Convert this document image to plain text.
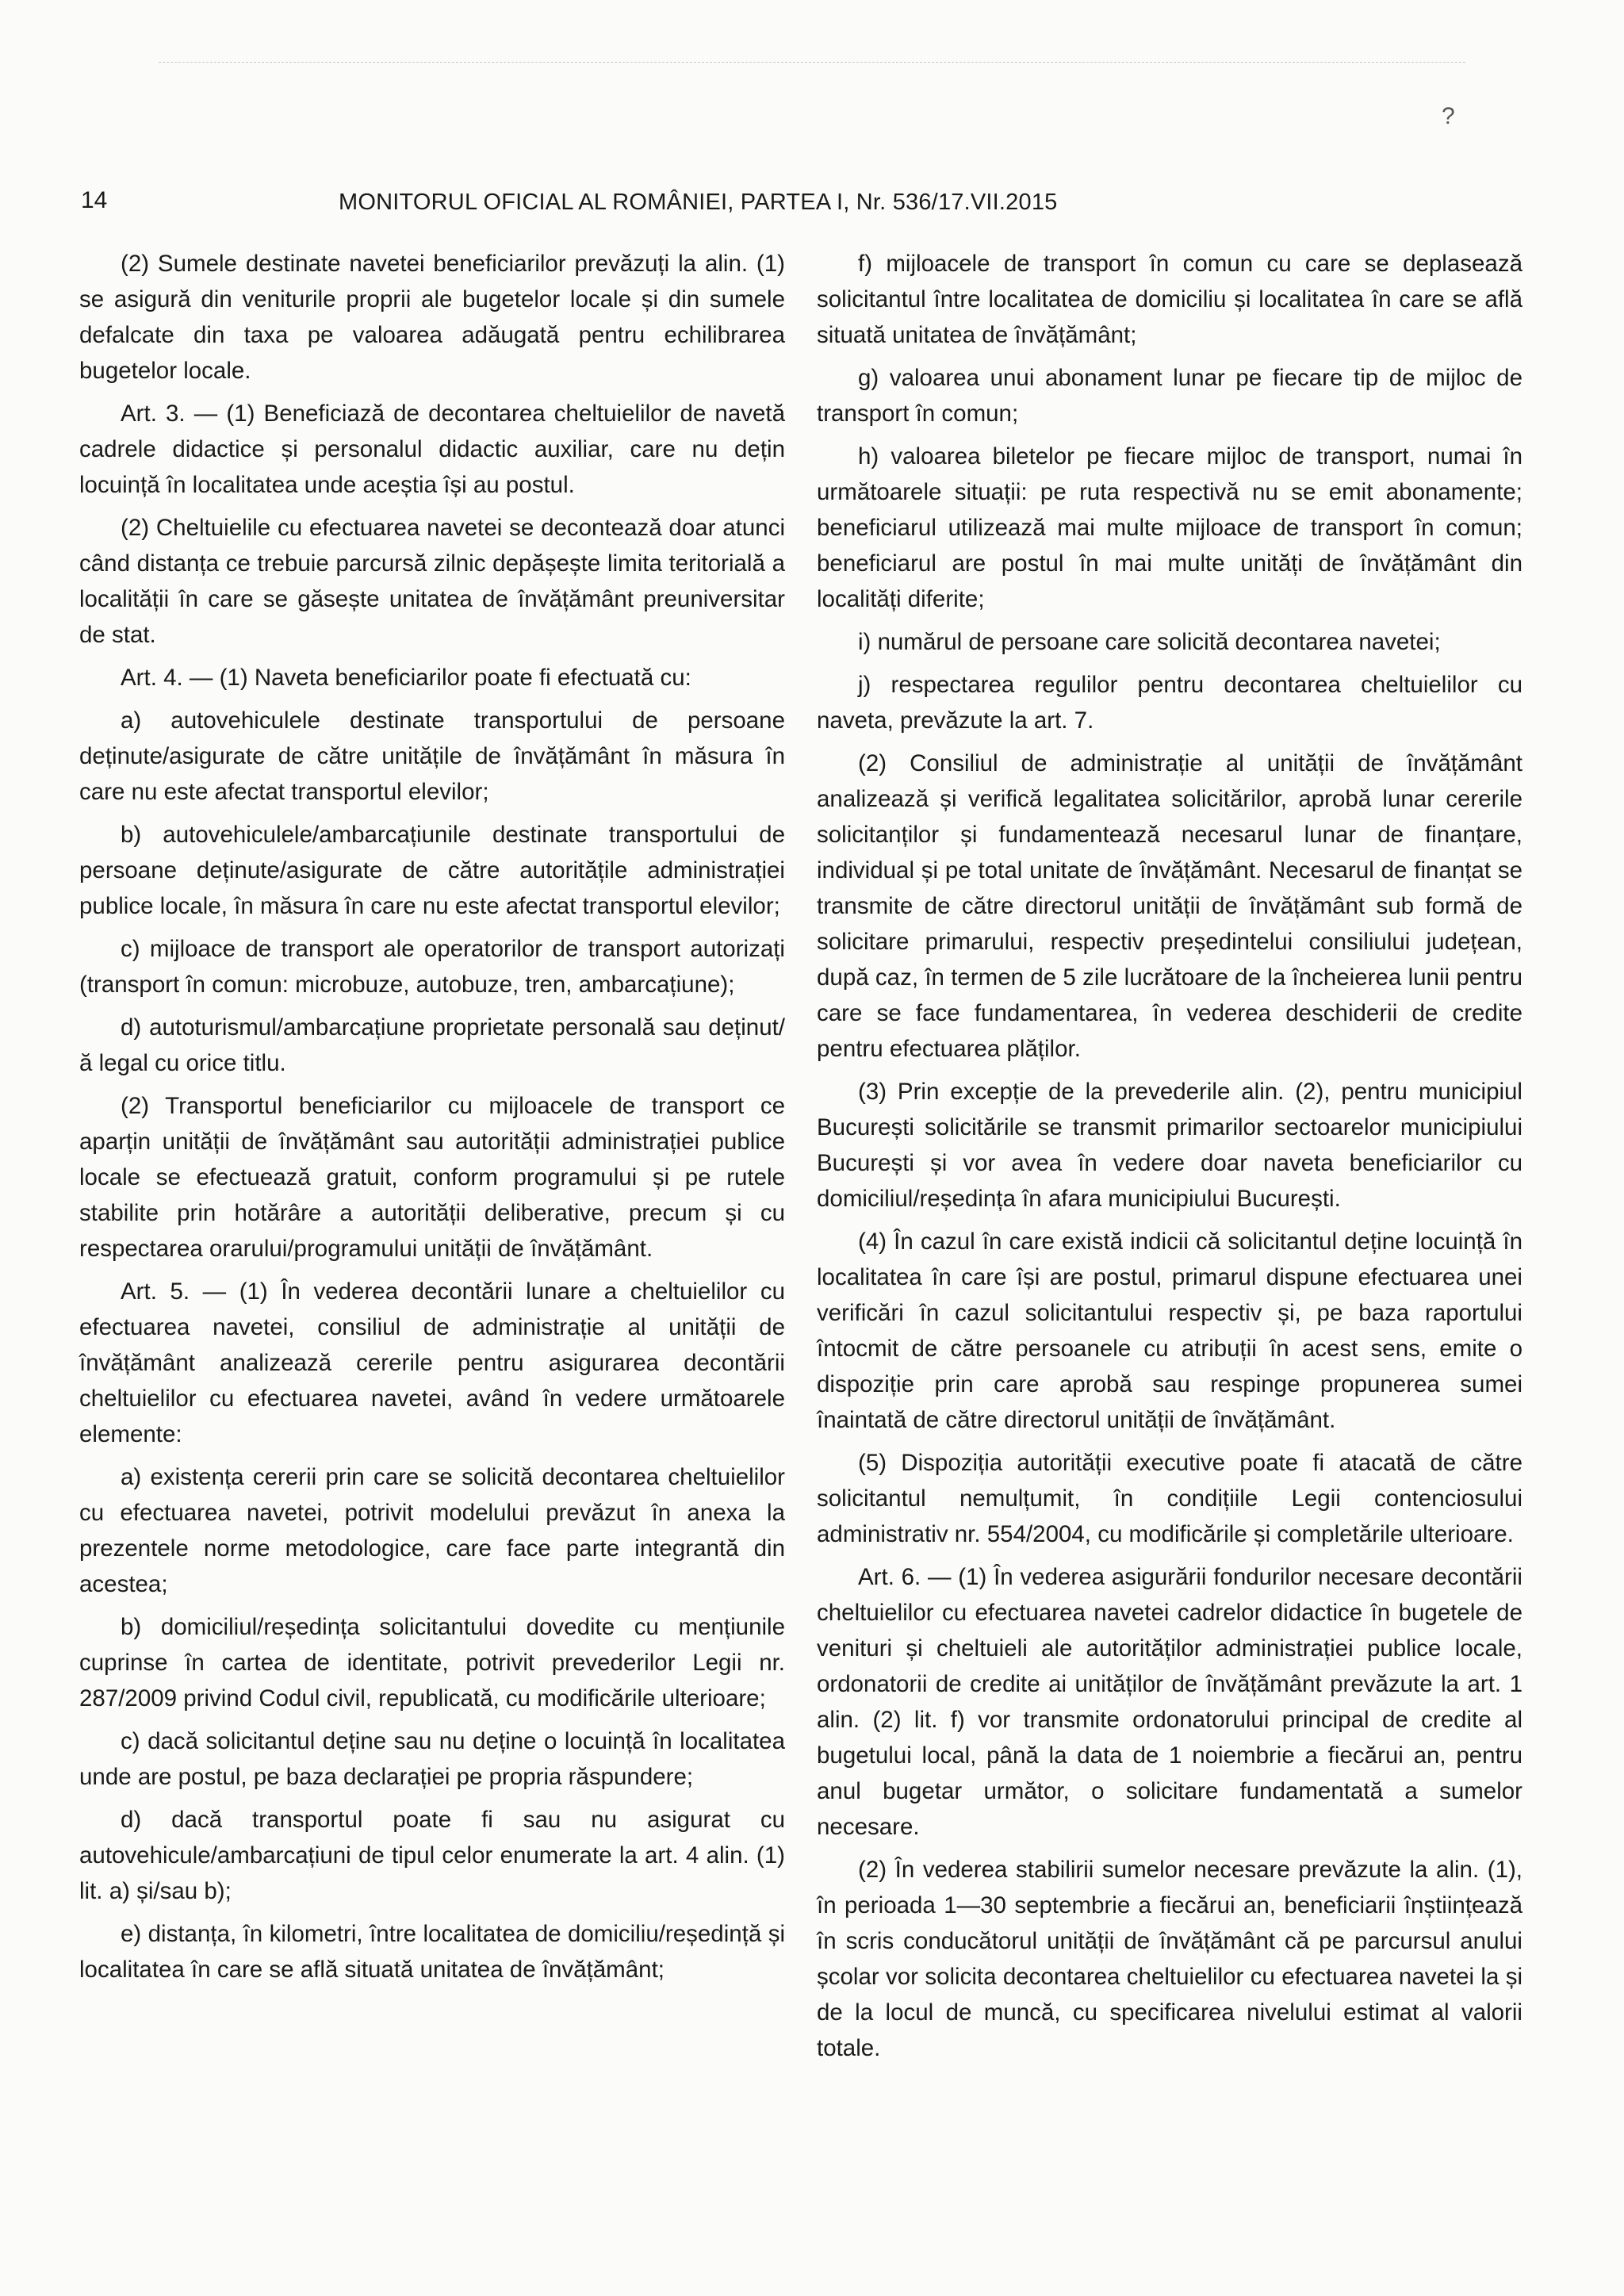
?
14	MONITORUL OFICIAL AL ROMÂNIEI, PARTEA I, Nr. 536/17.VII.2015

(2) Sumele destinate navetei beneficiarilor prevăzuți la alin. (1) se asigură din veniturile proprii ale bugetelor locale și din sumele defalcate din taxa pe valoarea adăugată pentru echilibrarea bugetelor locale.

Art. 3. — (1) Beneficiază de decontarea cheltuielilor de navetă cadrele didactice și personalul didactic auxiliar, care nu dețin locuință în localitatea unde aceștia își au postul.

(2) Cheltuielile cu efectuarea navetei se decontează doar atunci când distanța ce trebuie parcursă zilnic depășește limita teritorială a localității în care se găsește unitatea de învățământ preuniversitar de stat.

Art. 4. — (1) Naveta beneficiarilor poate fi efectuată cu:

a) autovehiculele destinate transportului de persoane deținute/asigurate de către unitățile de învățământ în măsura în care nu este afectat transportul elevilor;

b) autovehiculele/ambarcațiunile destinate transportului de persoane deținute/asigurate de către autoritățile administrației publice locale, în măsura în care nu este afectat transportul elevilor;

c) mijloace de transport ale operatorilor de transport autorizați (transport în comun: microbuze, autobuze, tren, ambarcațiune);

d) autoturismul/ambarcațiune proprietate personală sau deținut/ă legal cu orice titlu.

(2) Transportul beneficiarilor cu mijloacele de transport ce aparțin unității de învățământ sau autorității administrației publice locale se efectuează gratuit, conform programului și pe rutele stabilite prin hotărâre a autorității deliberative, precum și cu respectarea orarului/programului unității de învățământ.

Art. 5. — (1) În vederea decontării lunare a cheltuielilor cu efectuarea navetei, consiliul de administrație al unității de învățământ analizează cererile pentru asigurarea decontării cheltuielilor cu efectuarea navetei, având în vedere următoarele elemente:

a) existența cererii prin care se solicită decontarea cheltuielilor cu efectuarea navetei, potrivit modelului prevăzut în anexa la prezentele norme metodologice, care face parte integrantă din acestea;

b) domiciliul/reședința solicitantului dovedite cu mențiunile cuprinse în cartea de identitate, potrivit prevederilor Legii nr. 287/2009 privind Codul civil, republicată, cu modificările ulterioare;

c) dacă solicitantul deține sau nu deține o locuință în localitatea unde are postul, pe baza declarației pe propria răspundere;

d) dacă transportul poate fi sau nu asigurat cu autovehicule/ambarcațiuni de tipul celor enumerate la art. 4 alin. (1) lit. a) și/sau b);

e) distanța, în kilometri, între localitatea de domiciliu/reședință și localitatea în care se află situată unitatea de învățământ;

f) mijloacele de transport în comun cu care se deplasează solicitantul între localitatea de domiciliu și localitatea în care se află situată unitatea de învățământ;

g) valoarea unui abonament lunar pe fiecare tip de mijloc de transport în comun;

h) valoarea biletelor pe fiecare mijloc de transport, numai în următoarele situații: pe ruta respectivă nu se emit abonamente; beneficiarul utilizează mai multe mijloace de transport în comun; beneficiarul are postul în mai multe unități de învățământ din localități diferite;

i) numărul de persoane care solicită decontarea navetei;

j) respectarea regulilor pentru decontarea cheltuielilor cu naveta, prevăzute la art. 7.

(2) Consiliul de administrație al unității de învățământ analizează și verifică legalitatea solicitărilor, aprobă lunar cererile solicitanților și fundamentează necesarul lunar de finanțare, individual și pe total unitate de învățământ. Necesarul de finanțat se transmite de către directorul unității de învățământ sub formă de solicitare primarului, respectiv președintelui consiliului județean, după caz, în termen de 5 zile lucrătoare de la încheierea lunii pentru care se face fundamentarea, în vederea deschiderii de credite pentru efectuarea plăților.

(3) Prin excepție de la prevederile alin. (2), pentru municipiul București solicitările se transmit primarilor sectoarelor municipiului București și vor avea în vedere doar naveta beneficiarilor cu domiciliul/reședința în afara municipiului București.

(4) În cazul în care există indicii că solicitantul deține locuință în localitatea în care își are postul, primarul dispune efectuarea unei verificări în cazul solicitantului respectiv și, pe baza raportului întocmit de către persoanele cu atribuții în acest sens, emite o dispoziție prin care aprobă sau respinge propunerea sumei înaintată de către directorul unității de învățământ.

(5) Dispoziția autorității executive poate fi atacată de către solicitantul nemulțumit, în condițiile Legii contenciosului administrativ nr. 554/2004, cu modificările și completările ulterioare.

Art. 6. — (1) În vederea asigurării fondurilor necesare decontării cheltuielilor cu efectuarea navetei cadrelor didactice în bugetele de venituri și cheltuieli ale autorităților administrației publice locale, ordonatorii de credite ai unităților de învățământ prevăzute la art. 1 alin. (2) lit. f) vor transmite ordonatorului principal de credite al bugetului local, până la data de 1 noiembrie a fiecărui an, pentru anul bugetar următor, o solicitare fundamentată a sumelor necesare.

(2) În vederea stabilirii sumelor necesare prevăzute la alin. (1), în perioada 1—30 septembrie a fiecărui an, beneficiarii înștiințează în scris conducătorul unității de învățământ că pe parcursul anului școlar vor solicita decontarea cheltuielilor cu efectuarea navetei la și de la locul de muncă, cu specificarea nivelului estimat al valorii totale.
